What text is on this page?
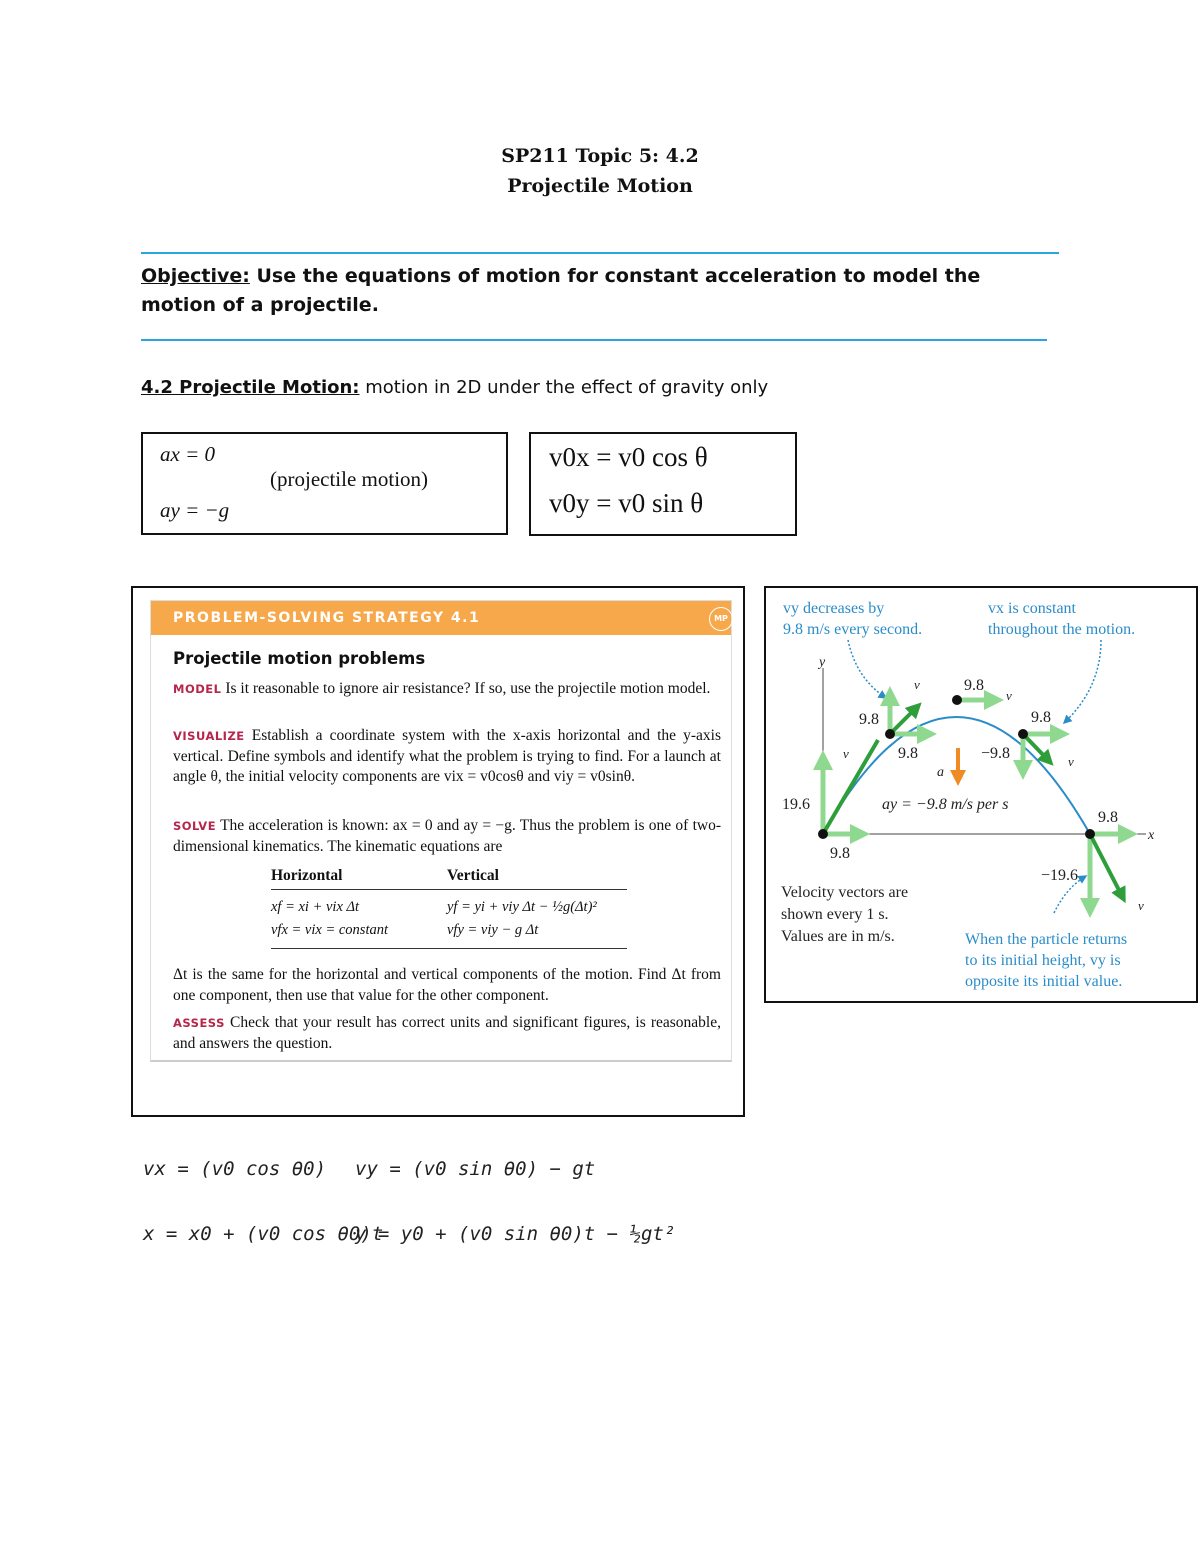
SP211 Topic 5: 4.2
Projectile Motion
Objective: Use the equations of motion for constant acceleration to model the motion of a projectile.
4.2 Projectile Motion: motion in 2D under the effect of gravity only
ax = 0
(projectile motion)
ay = −g
v0x = v0 cos θ
v0y = v0 sin θ
PROBLEM-SOLVING STRATEGY 4.1	MP
Projectile motion problems
MODEL Is it reasonable to ignore air resistance? If so, use the projectile motion model.
VISUALIZE Establish a coordinate system with the x-axis horizontal and the y-axis vertical. Define symbols and identify what the problem is trying to find. For a launch at angle θ, the initial velocity components are vix = v0cosθ and viy = v0sinθ.
SOLVE The acceleration is known: ax = 0 and ay = −g. Thus the problem is one of two-dimensional kinematics. The kinematic equations are
Horizontal	Vertical
xf = xi + vix Δt	yf = yi + viy Δt − ½g(Δt)²
vfx = vix = constant	vfy = viy − g Δt
Δt is the same for the horizontal and vertical components of the motion. Find Δt from one component, then use that value for the other component.
ASSESS Check that your result has correct units and significant figures, is reasonable, and answers the question.
vy decreases by
9.8 m/s every second.
vx is constant
throughout the motion.
When the particle returns
to its initial height, vy is
opposite its initial value.
y
x
19.6
9.8
9.8
9.8
9.8
−9.8
9.8
−19.6
9.8
ay = −9.8 m/s per s
a⃗
v⃗
v⃗
v⃗
v⃗
v⃗
Velocity vectors are
shown every 1 s.
Values are in m/s.
vx = (v0 cos θ0) vy = (v0 sin θ0) − gt
x = x0 + (v0 cos θ0)t
y = y0 + (v0 sin θ0)t − ½gt²
